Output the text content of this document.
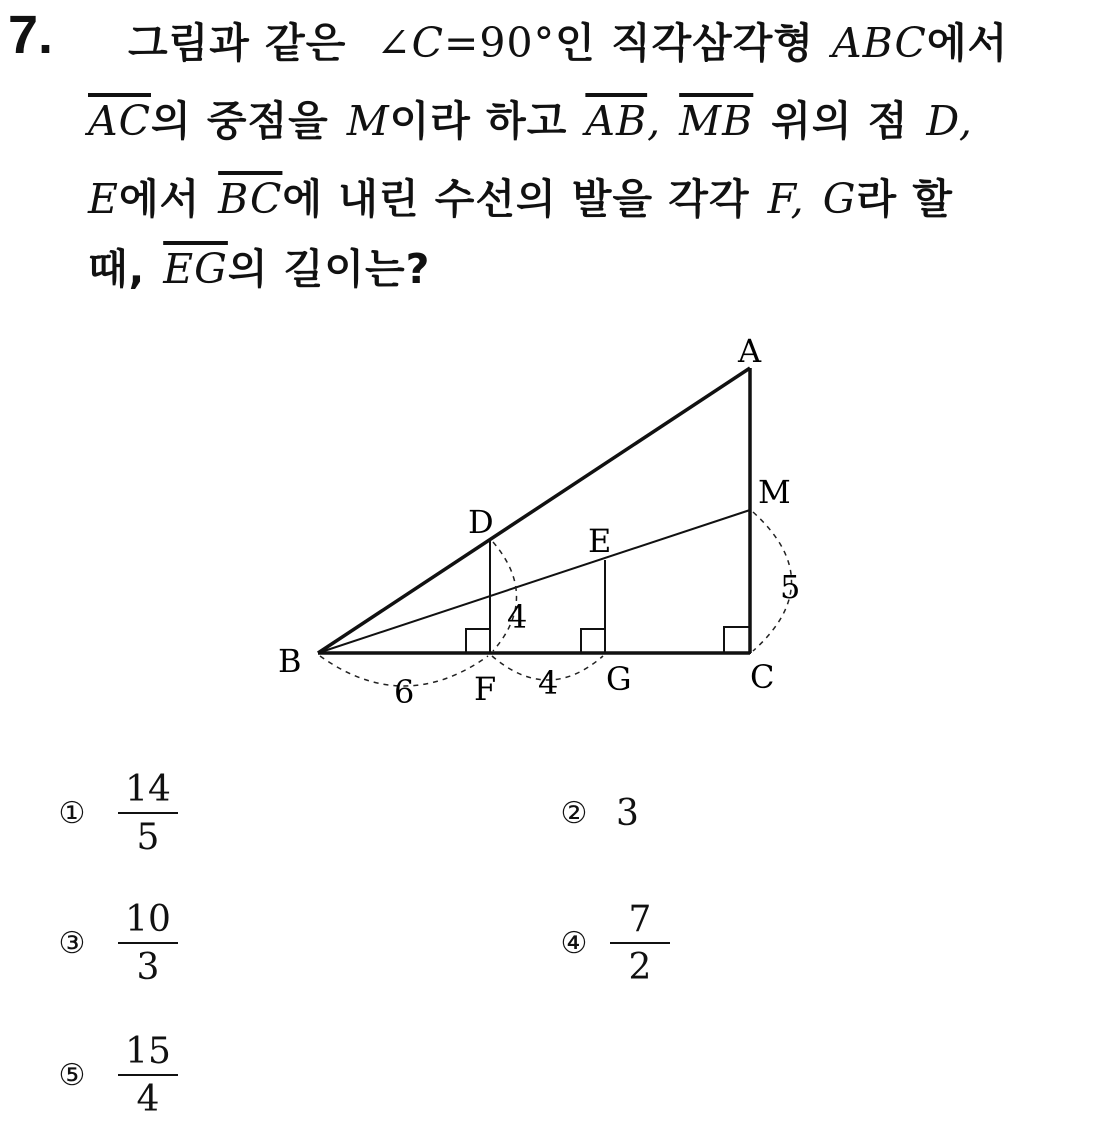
7. 그림과 같은 ∠C=90°인 직각삼각형 ABC에서
$\overline{AC}$의 중점을 M이라 하고 $\overline{AB}$, $\overline{MB}$ 위의 점 D,
E에서 $\overline{BC}$에 내린 수선의 발을 각각 F, G라 할
때, $\overline{EG}$의 길이는?
A
B	C
D	E
F	G
M
6	4
4
5
① $\frac{14}{5}$	② 3
③ $\frac{10}{3}$	④ $\frac{7}{2}$
⑤ $\frac{15}{4}$
